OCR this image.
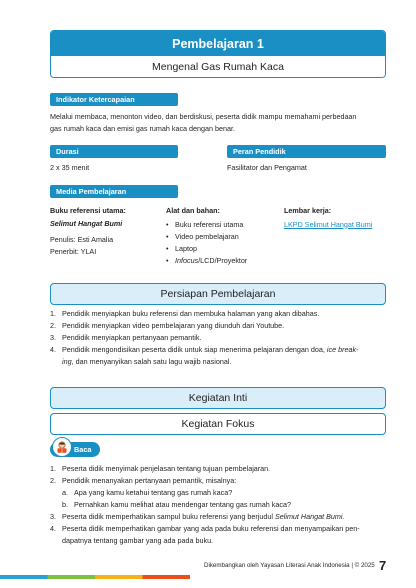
Pembelajaran 1
Mengenal Gas Rumah Kaca
Indikator Ketercapaian
Melalui membaca, menonton video, dan berdiskusi, peserta didik mampu memahami perbedaan
gas rumah kaca dan emisi gas rumah kaca dengan benar.
Durasi
2 x 35 menit
Peran Pendidik
Fasilitator dan Pengamat
Media Pembelajaran
Buku referensi utama:
Selimut Hangat Bumi
Penulis: Esti Amalia
Penerbit: YLAI
Alat dan bahan:
• Buku referensi utama
• Video pembelajaran
• Laptop
• Infocus/LCD/Proyektor
Lembar kerja:
LKPD Selimut Hangat Bumi
Persiapan Pembelajaran
1. Pendidik menyiapkan buku referensi dan membuka halaman yang akan dibahas.
2. Pendidik menyiapkan video pembelajaran yang diunduh dari Youtube.
3. Pendidik menyiapkan pertanyaan pemantik.
4. Pendidik mengondisikan peserta didik untuk siap menerima pelajaran dengan doa, ice break-
ing, dan menyanyikan salah satu lagu wajib nasional.
Kegiatan Inti
Kegiatan Fokus
Baca
1. Peserta didik menyimak penjelasan tentang tujuan pembelajaran.
2. Pendidik menanyakan pertanyaan pemantik, misalnya:
a. Apa yang kamu ketahui tentang gas rumah kaca?
b. Pernahkan kamu melihat atau mendengar tentang gas rumah kaca?
3. Peserta didik memperhatikan sampul buku referensi yang berjudul Selimut Hangat Bumi.
4. Peserta didik memperhatikan gambar yang ada pada buku referensi dan menyampaikan pen-
dapatnya tentang gambar yang ada pada buku.
Dikembangkan oleh Yayasan Literasi Anak Indonesia | © 2025 7
